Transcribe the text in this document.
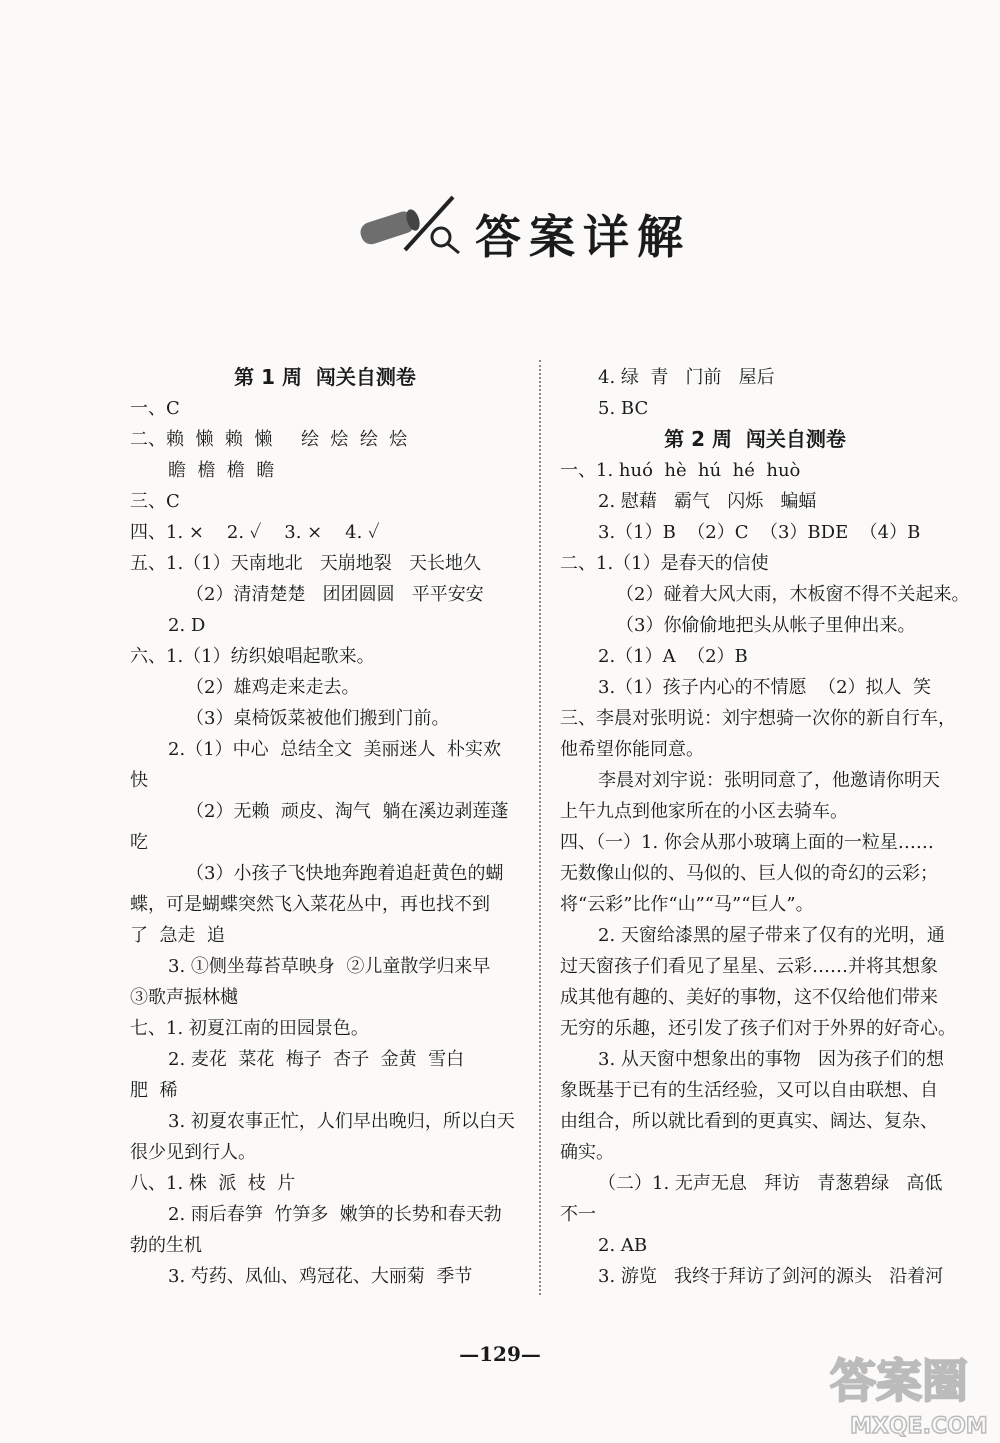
答案详解
第 1 周  闯关自测卷
一、C
二、赖  懒  赖  懒     绘  烩  绘  烩
瞻  檐  檐  瞻
三、C
四、1. ×    2. ✓    3. ×    4. ✓
五、1.（1）天南地北   天崩地裂   天长地久
（2）清清楚楚   团团圆圆   平平安安
2. D
六、1.（1）纺织娘唱起歌来。
（2）雄鸡走来走去。
（3）桌椅饭菜被他们搬到门前。
2.（1）中心  总结全文  美丽迷人  朴实欢
快
（2）无赖  顽皮、淘气  躺在溪边剥莲蓬
吃
（3）小孩子飞快地奔跑着追赶黄色的蝴
蝶，可是蝴蝶突然飞入菜花丛中，再也找不到
了  急走  追
3. ①侧坐莓苔草映身  ②儿童散学归来早
③歌声振林樾
七、1. 初夏江南的田园景色。
2. 麦花  菜花  梅子  杏子  金黄  雪白
肥  稀
3. 初夏农事正忙，人们早出晚归，所以白天
很少见到行人。
八、1. 株  派  枝  片
2. 雨后春笋  竹笋多  嫩笋的长势和春天勃
勃的生机
3. 芍药、凤仙、鸡冠花、大丽菊  季节
4. 绿  青   门前   屋后
5. BC
第 2 周  闯关自测卷
一、1. huó  hè  hú  hé  huò
2. 慰藉   霸气   闪烁   蝙蝠
3.（1）B  （2）C  （3）BDE  （4）B
二、1.（1）是春天的信使
（2）碰着大风大雨，木板窗不得不关起来。
（3）你偷偷地把头从帐子里伸出来。
2.（1）A  （2）B
3.（1）孩子内心的不情愿  （2）拟人  笑
三、李晨对张明说：刘宇想骑一次你的新自行车，
他希望你能同意。
李晨对刘宇说：张明同意了，他邀请你明天
上午九点到他家所在的小区去骑车。
四、（一）1. 你会从那小玻璃上面的一粒星……
无数像山似的、马似的、巨人似的奇幻的云彩；
将“云彩”比作“山”“马”“巨人”。
2. 天窗给漆黑的屋子带来了仅有的光明，通
过天窗孩子们看见了星星、云彩……并将其想象
成其他有趣的、美好的事物，这不仅给他们带来
无穷的乐趣，还引发了孩子们对于外界的好奇心。
3. 从天窗中想象出的事物   因为孩子们的想
象既基于已有的生活经验，又可以自由联想、自
由组合，所以就比看到的更真实、阔达、复杂、
确实。
（二）1. 无声无息   拜访   青葱碧绿   高低
不一
2. AB
3. 游览   我终于拜访了剑河的源头   沿着河
—129—	答案圈
MXQE.COM
